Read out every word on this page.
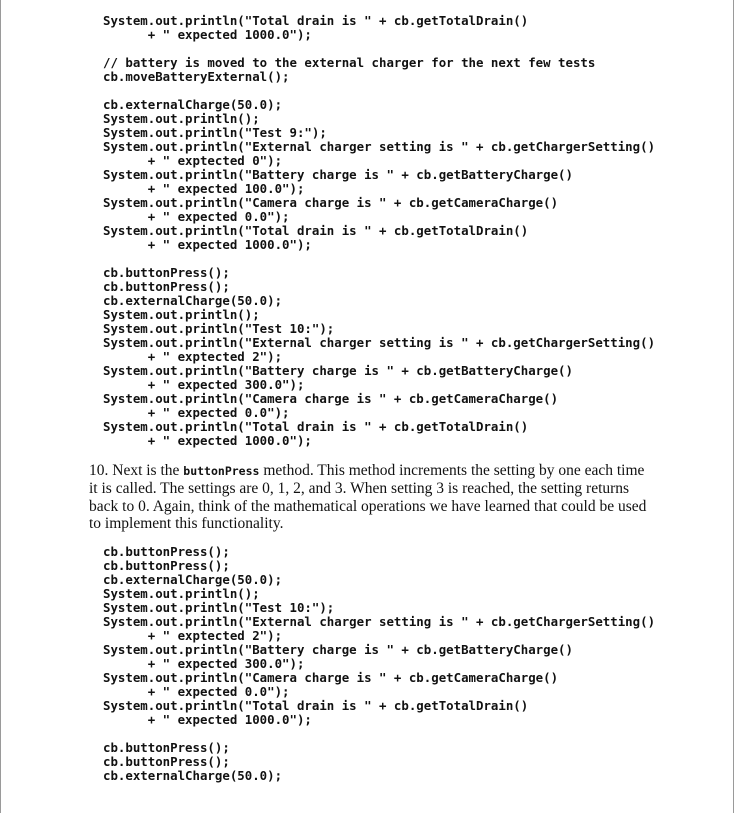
System.out.println("Total drain is " + cb.getTotalDrain()
+ " expected 1000.0");
// battery is moved to the external charger for the next few tests
cb.moveBatteryExternal();
cb.externalCharge(50.0);
System.out.println();
System.out.println("Test 9:");
System.out.println("External charger setting is " + cb.getChargerSetting()
+ " exptected 0");
System.out.println("Battery charge is " + cb.getBatteryCharge()
+ " expected 100.0");
System.out.println("Camera charge is " + cb.getCameraCharge()
+ " expected 0.0");
System.out.println("Total drain is " + cb.getTotalDrain()
+ " expected 1000.0");
cb.buttonPress();
cb.buttonPress();
cb.externalCharge(50.0);
System.out.println();
System.out.println("Test 10:");
System.out.println("External charger setting is " + cb.getChargerSetting()
+ " exptected 2");
System.out.println("Battery charge is " + cb.getBatteryCharge()
+ " expected 300.0");
System.out.println("Camera charge is " + cb.getCameraCharge()
+ " expected 0.0");
System.out.println("Total drain is " + cb.getTotalDrain()
+ " expected 1000.0");

10. Next is the buttonPress method. This method increments the setting by one each time it is called. The settings are 0, 1, 2, and 3. When setting 3 is reached, the setting returns back to 0. Again, think of the mathematical operations we have learned that could be used to implement this functionality.

cb.buttonPress();
cb.buttonPress();
cb.externalCharge(50.0);
System.out.println();
System.out.println("Test 10:");
System.out.println("External charger setting is " + cb.getChargerSetting()
+ " exptected 2");
System.out.println("Battery charge is " + cb.getBatteryCharge()
+ " expected 300.0");
System.out.println("Camera charge is " + cb.getCameraCharge()
+ " expected 0.0");
System.out.println("Total drain is " + cb.getTotalDrain()
+ " expected 1000.0");
cb.buttonPress();
cb.buttonPress();
cb.externalCharge(50.0);
